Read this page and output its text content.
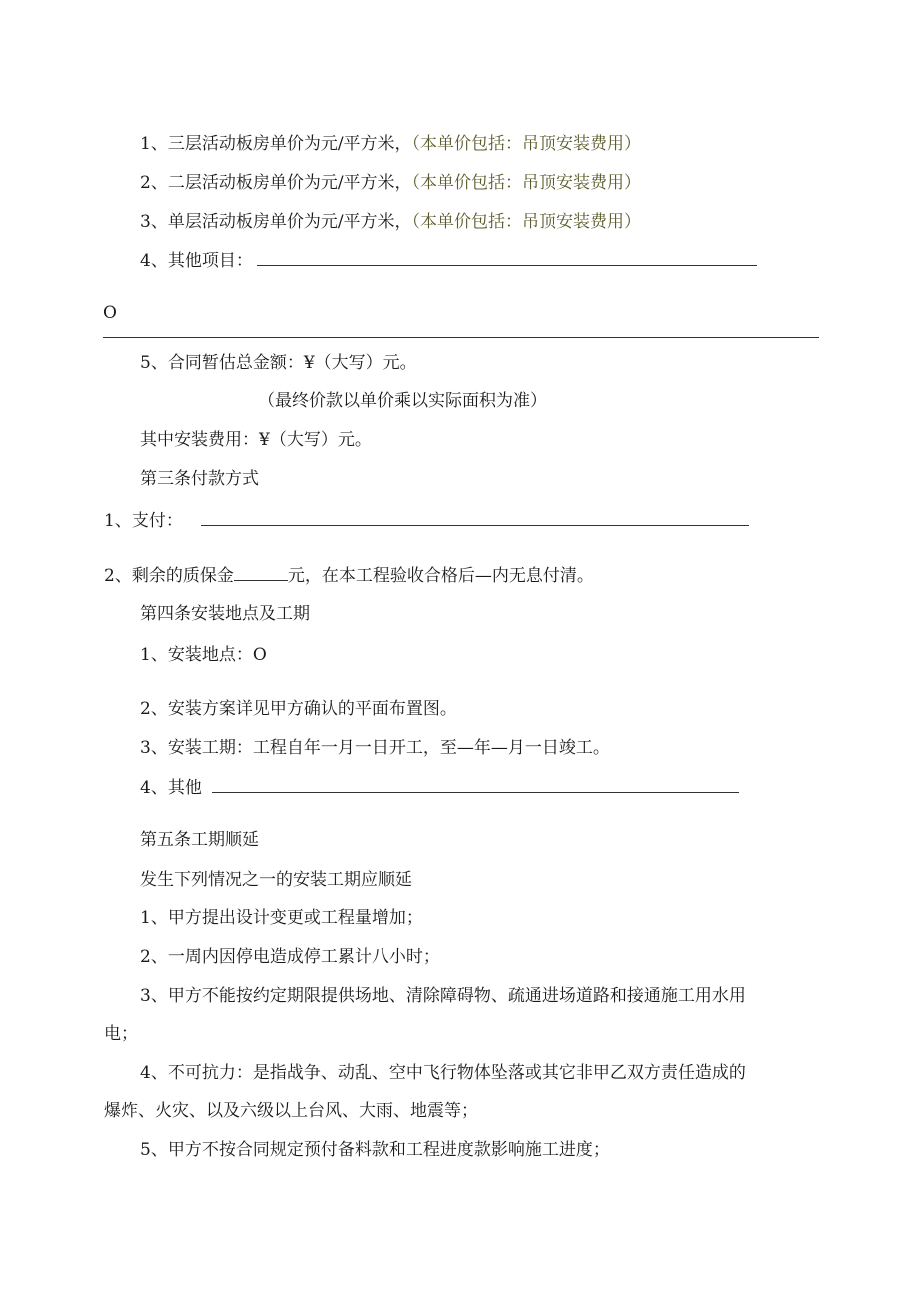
1、三层活动板房单价为元/平方米，（本单价包括：吊顶安装费用）
2、二层活动板房单价为元/平方米，（本单价包括：吊顶安装费用）
3、单层活动板房单价为元/平方米，（本单价包括：吊顶安装费用）
4、其他项目：
O
5、合同暂估总金额：¥（大写）元。
（最终价款以单价乘以实际面积为准）
其中安装费用：¥（大写）元。
第三条付款方式
1、支付：
2、剩余的质保金	元，在本工程验收合格后—内无息付清。
第四条安装地点及工期
1、安装地点：O
2、安装方案详见甲方确认的平面布置图。
3、安装工期：工程自年一月一日开工，至—年—月一日竣工。
4、其他
第五条工期顺延
发生下列情况之一的安装工期应顺延
1、甲方提出设计变更或工程量增加；
2、一周内因停电造成停工累计八小时；
3、甲方不能按约定期限提供场地、清除障碍物、疏通进场道路和接通施工用水用
电；
4、不可抗力：是指战争、动乱、空中飞行物体坠落或其它非甲乙双方责任造成的
爆炸、火灾、以及六级以上台风、大雨、地震等；
5、甲方不按合同规定预付备料款和工程进度款影响施工进度；
